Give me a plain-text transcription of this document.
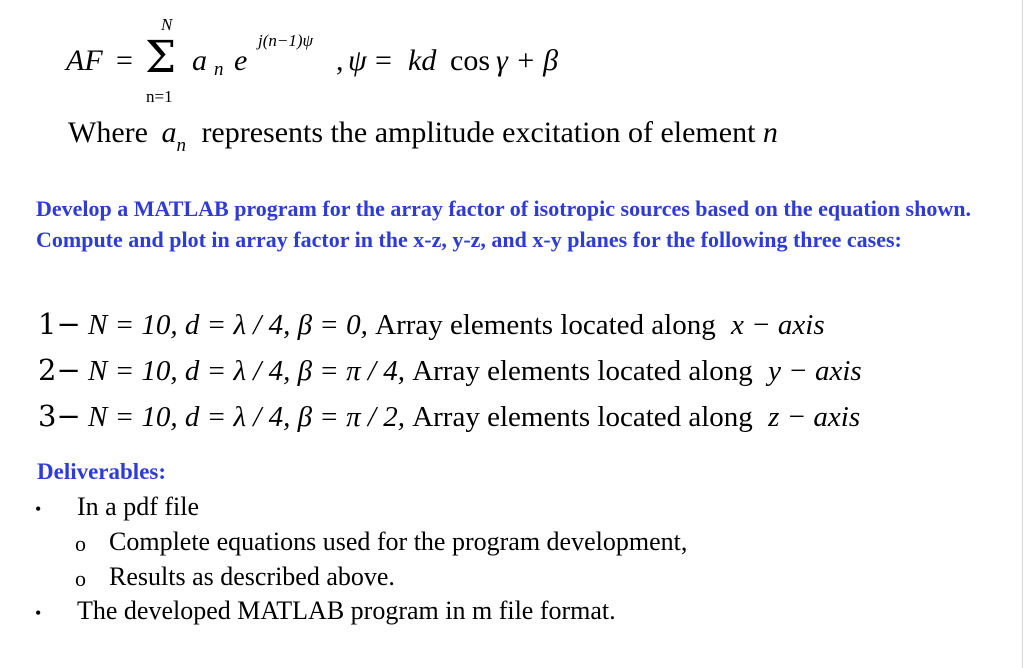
AF =
N
Σ
n=1
a n e
j(n−1)ψ
, ψ = kd cos γ + β
Where $a_n$ represents the amplitude excitation of element n
Develop a MATLAB program for the array factor of isotropic sources based on the equation shown. Compute and plot in array factor in the x-z, y-z, and x-y planes for the following three cases:
1− N = 10, d = λ / 4, β = 0, Array elements located along x − axis
2− N = 10, d = λ / 4, β = π / 4, Array elements located along y − axis
3− N = 10, d = λ / 4, β = π / 2, Array elements located along z − axis
Deliverables:
• In a pdf file
o Complete equations used for the program development,
o Results as described above.
• The developed MATLAB program in m file format.
